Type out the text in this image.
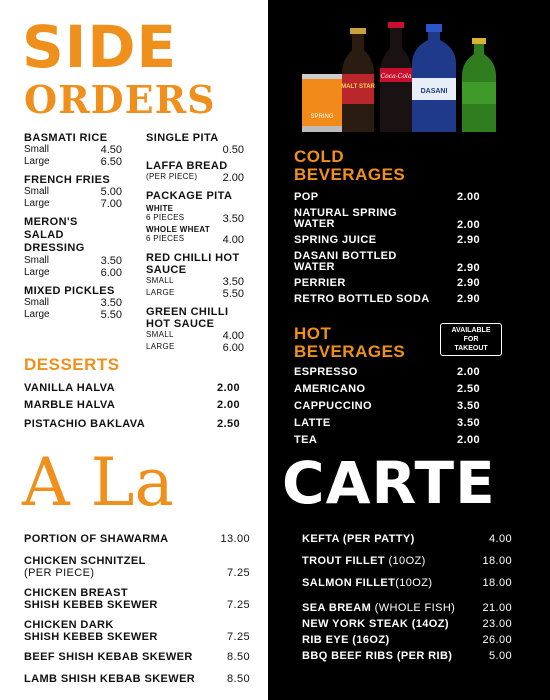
SIDE
ORDERS
BASMATI RICE
Small	4.50
Large	6.50
FRENCH FRIES
Small	5.00
Large	7.00
MERON'S
SALAD
DRESSING
Small	3.50
Large	6.00
MIXED PICKLES
Small	3.50
Large	5.50
SINGLE PITA
0.50
LAFFA BREAD
(PER PIECE) 2.00
PACKAGE PITA
WHITE
6 PIECES	3.50
WHOLE WHEAT
6 PIECES	4.00
RED CHILLI HOT
SAUCE
SMALL	3.50
LARGE	5.50
GREEN CHILLI
HOT SAUCE
SMALL	4.00
LARGE	6.00
DESSERTS
VANILLA HALVA	2.00
MARBLE HALVA	2.00
PISTACHIO BAKLAVA	2.50
SPRING
MALT STAR
Coca-Cola
DASANI
COLD
BEVERAGES
POP	2.00
NATURAL SPRING
WATER	2.00
SPRING JUICE	2.90
DASANI BOTTLED
WATER	2.90
PERRIER	2.90
RETRO BOTTLED SODA 2.90
HOT
BEVERAGES
AVAILABLE
FOR
TAKEOUT
ESPRESSO	2.00
AMERICANO	2.50
CAPPUCCINO	3.50
LATTE	3.50
TEA	2.00
A La CARTE
PORTION OF SHAWARMA	13.00
CHICKEN SCHNITZEL
(PER PIECE)	7.25
CHICKEN BREAST
SHISH KEBEB SKEWER	7.25
CHICKEN DARK
SHISH KEBEB SKEWER	7.25
BEEF SHISH KEBAB SKEWER	8.50
LAMB SHISH KEBAB SKEWER	8.50
KEFTA (PER PATTY)	4.00
TROUT FILLET (10OZ)	18.00
SALMON FILLET(10OZ)	18.00
SEA BREAM (WHOLE FISH) 21.00
NEW YORK STEAK (14OZ)	23.00
RIB EYE (16OZ)	26.00
BBQ BEEF RIBS (PER RIB)	5.00
